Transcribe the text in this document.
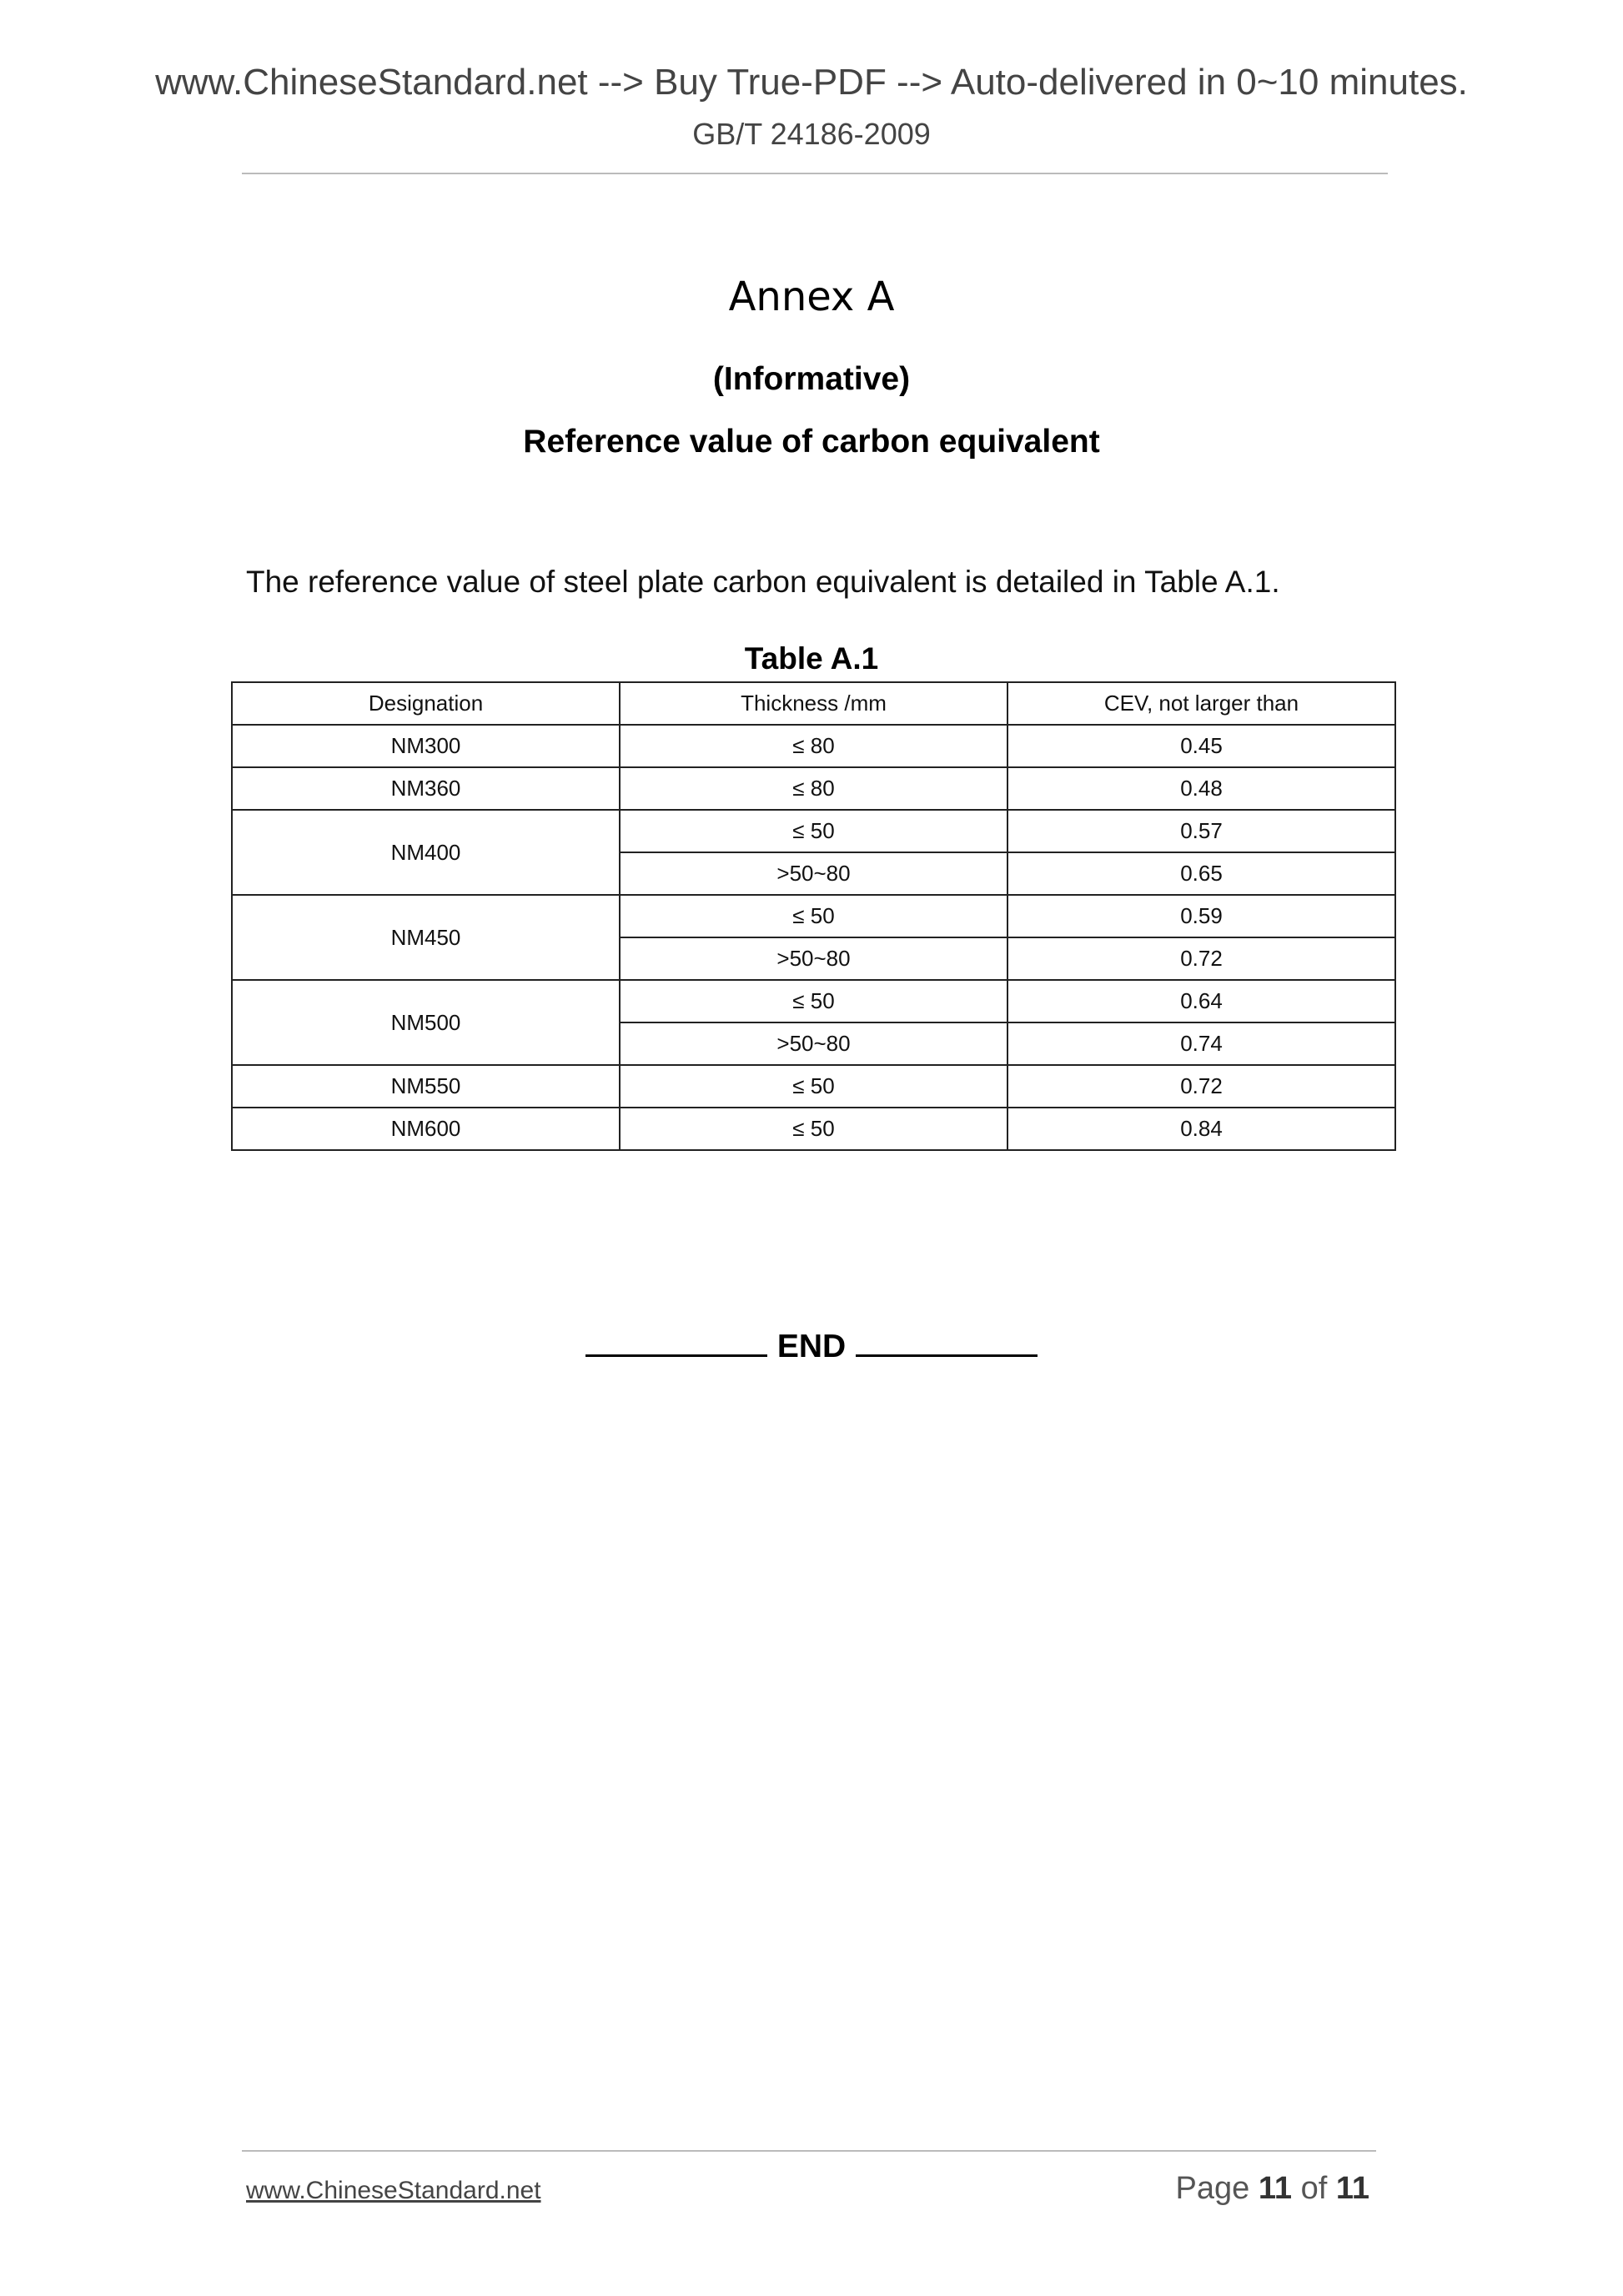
www.ChineseStandard.net --> Buy True-PDF --> Auto-delivered in 0~10 minutes.
GB/T 24186-2009
Annex A
(Informative)
Reference value of carbon equivalent
The reference value of steel plate carbon equivalent is detailed in Table A.1.
Table A.1
Designation	Thickness /mm	CEV, not larger than
NM300	≤ 80	0.45
NM360	≤ 80	0.48
NM400	≤ 50	0.57
	>50~80	0.65
NM450	≤ 50	0.59
	>50~80	0.72
NM500	≤ 50	0.64
	>50~80	0.74
NM550	≤ 50	0.72
NM600	≤ 50	0.84
END
www.ChineseStandard.net	Page 11 of 11
